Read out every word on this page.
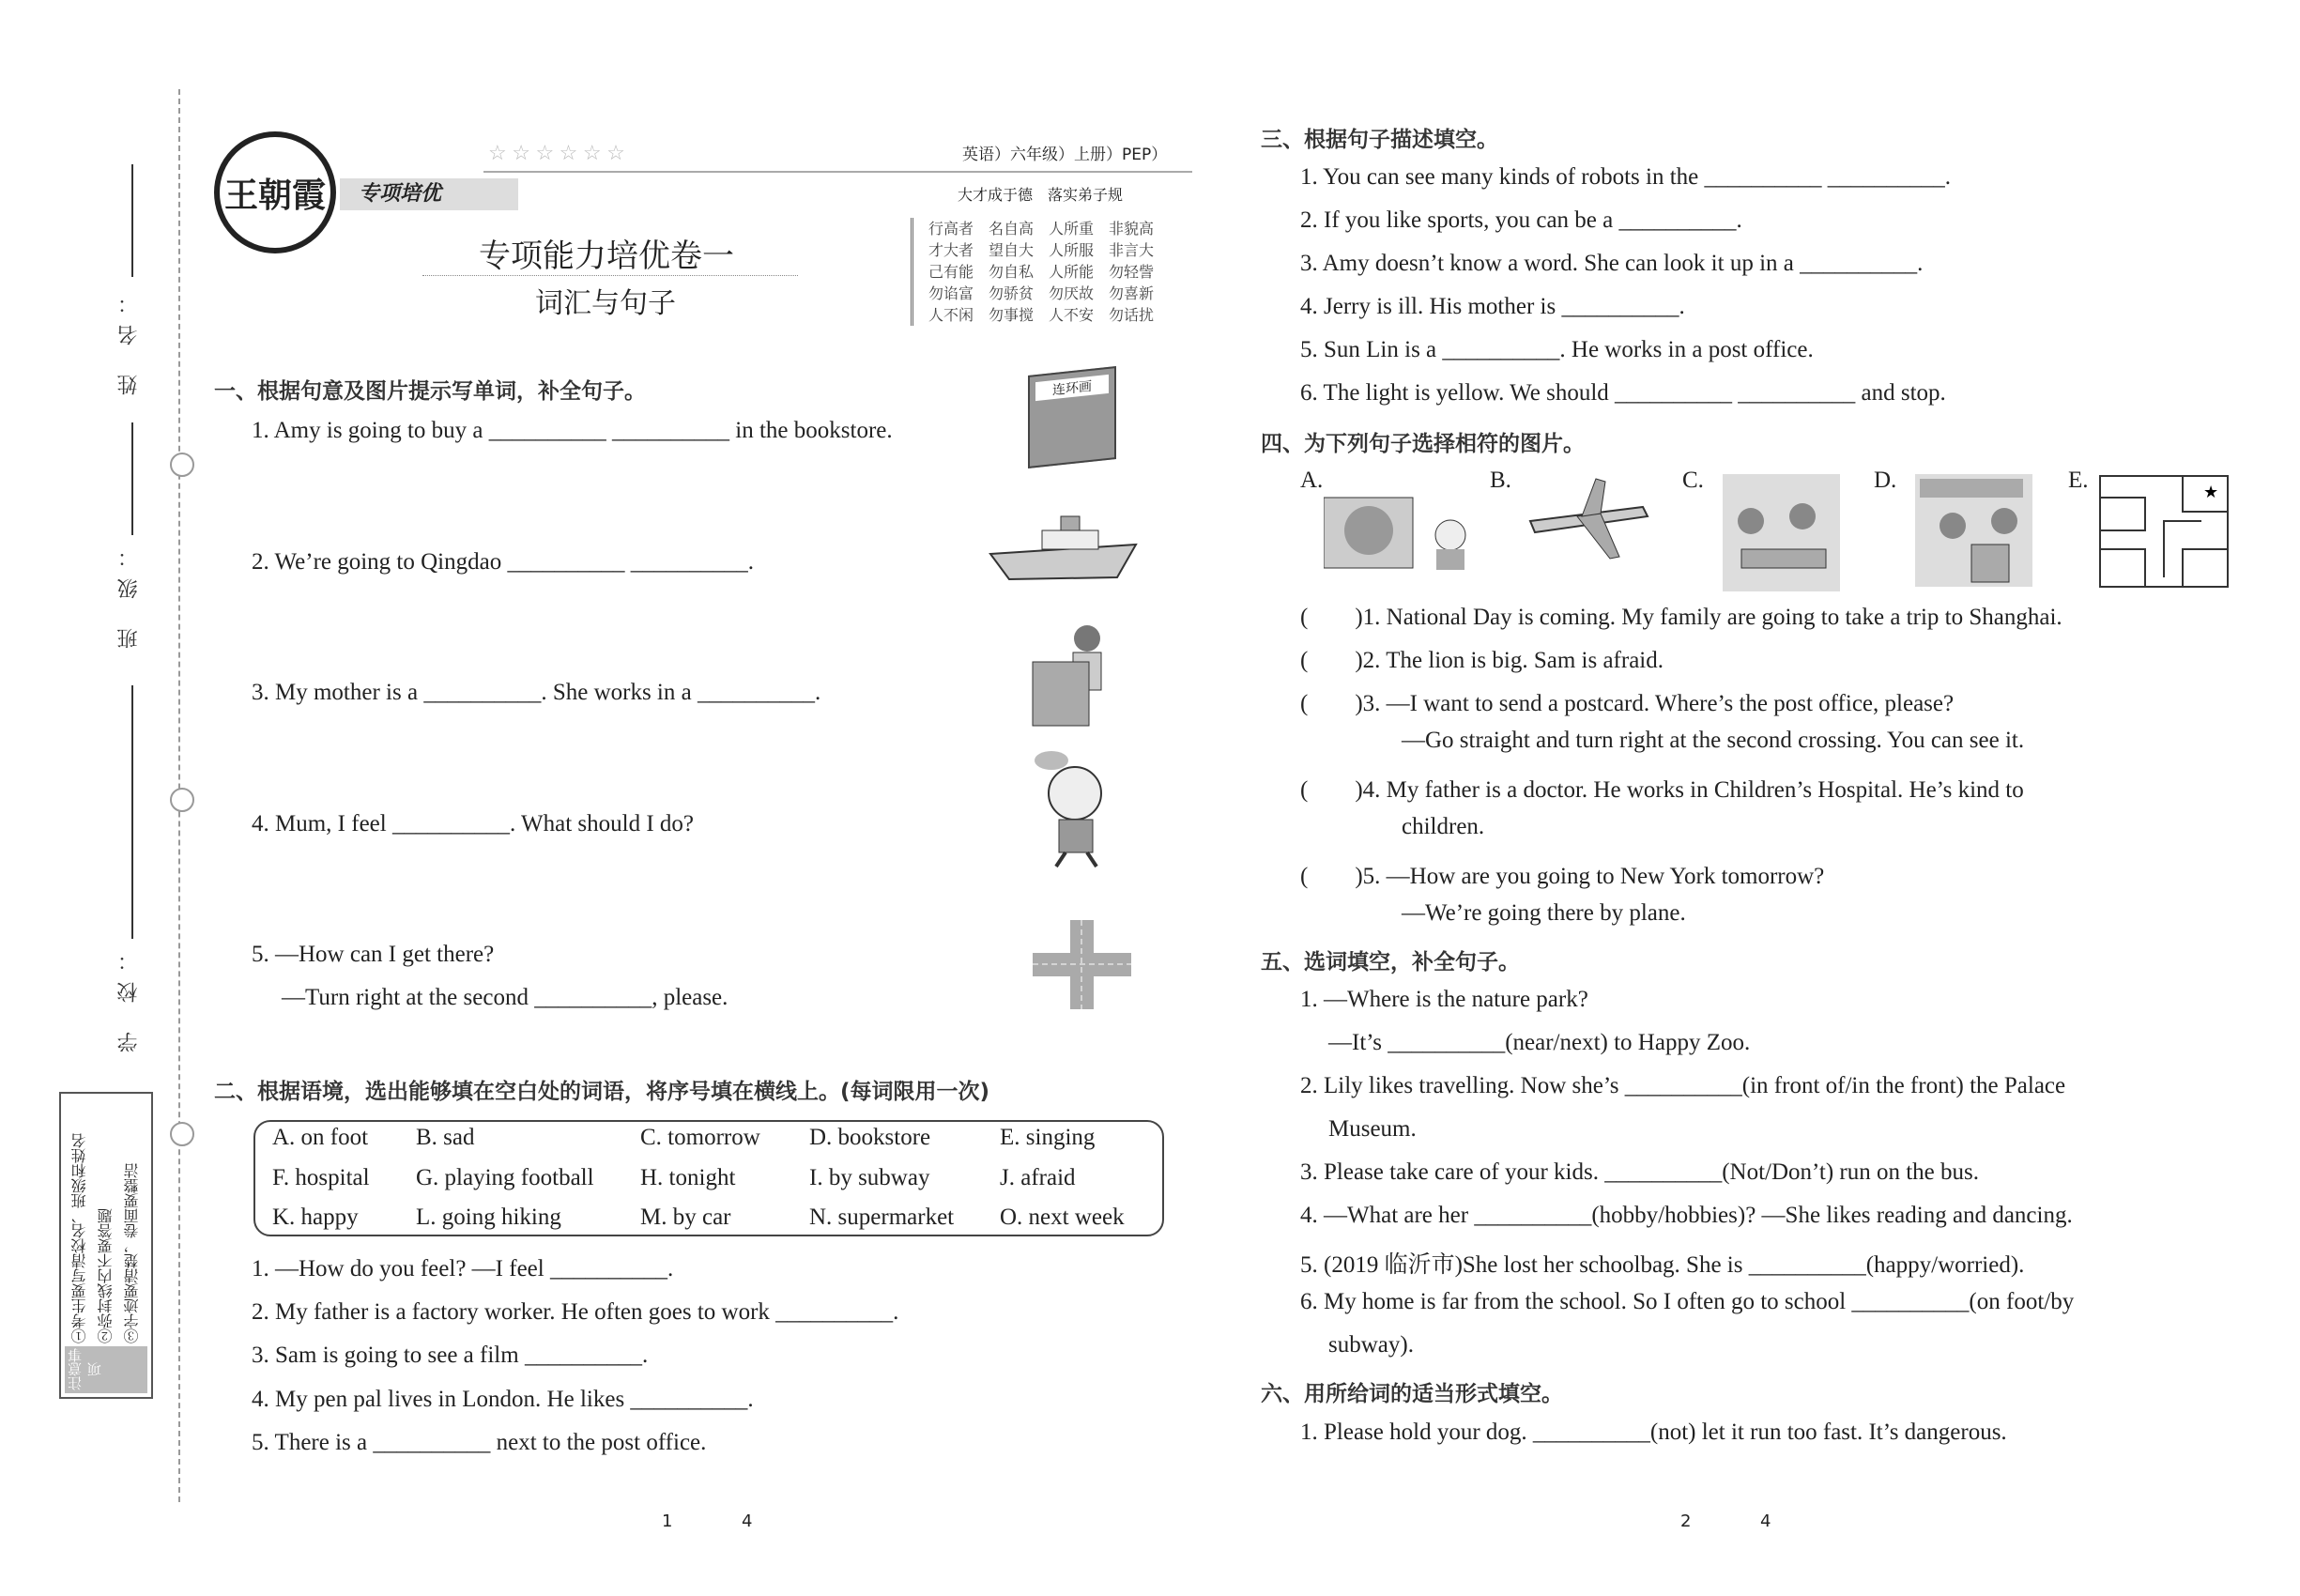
姓 名：
班 级：
学 校：
①考生要写清校名、班级和姓名 ②弥封线内不要答题 ③字迹要清楚，卷面要整洁
注意事项
王朝霞
☆ ☆ ☆ ☆ ☆ ☆	英语）六年级）上册）PEP）
专项培优
专项能力培优卷一
词汇与句子
大才成于德　落实弟子规
行高者　名自高　人所重　非貌高
才大者　望自大　人所服　非言大
己有能　勿自私　人所能　勿轻訾
勿谄富　勿骄贫　勿厌故　勿喜新
人不闲　勿事搅　人不安　勿话扰
一、根据句意及图片提示写单词，补全句子。
1. Amy is going to buy a __________ __________ in the bookstore.
2. We’re going to Qingdao __________ __________.
3. My mother is a __________. She works in a __________.
4. Mum, I feel __________. What should I do?
5. —How can I get there?
—Turn right at the second __________, please.
连环画
二、根据语境，选出能够填在空白处的词语，将序号填在横线上。(每词限用一次)
A. on foot B. sad	C. tomorrow D. bookstore	E. singing
F. hospital G. playing football H. tonight	I. by subway	J. afraid
K. happy L. going hiking	M. by car	N. supermarket O. next week
1. —How do you feel? —I feel __________.
2. My father is a factory worker. He often goes to work __________.
3. Sam is going to see a film __________.
4. My pen pal lives in London. He likes __________.
5. There is a __________ next to the post office.
三、根据句子描述填空。
1. You can see many kinds of robots in the __________ __________.
2. If you like sports, you can be a __________.
3. Amy doesn’t know a word. She can look it up in a __________.
4. Jerry is ill. His mother is __________.
5. Sun Lin is a __________. He works in a post office.
6. The light is yellow. We should __________ __________ and stop.
四、为下列句子选择相符的图片。
A.	B.	C.	D.	E.	★
(　　)1. National Day is coming. My family are going to take a trip to Shanghai.
(　　)2. The lion is big. Sam is afraid.
(　　)3. —I want to send a postcard. Where’s the post office, please?
—Go straight and turn right at the second crossing. You can see it.
(　　)4. My father is a doctor. He works in Children’s Hospital. He’s kind to
children.
(　　)5. —How are you going to New York tomorrow?
—We’re going there by plane.
五、选词填空，补全句子。
1. —Where is the nature park?
—It’s __________(near/next) to Happy Zoo.
2. Lily likes travelling. Now she’s __________(in front of/in the front) the Palace
Museum.
3. Please take care of your kids. __________(Not/Don’t) run on the bus.
4. —What are her __________(hobby/hobbies)? —She likes reading and dancing.
5. (2019 临沂市)She lost her schoolbag. She is __________(happy/worried).
6. My home is far from the school. So I often go to school __________(on foot/by
subway).
六、用所给词的适当形式填空。
1. Please hold your dog. __________(not) let it run too fast. It’s dangerous.
1	4	2	4
